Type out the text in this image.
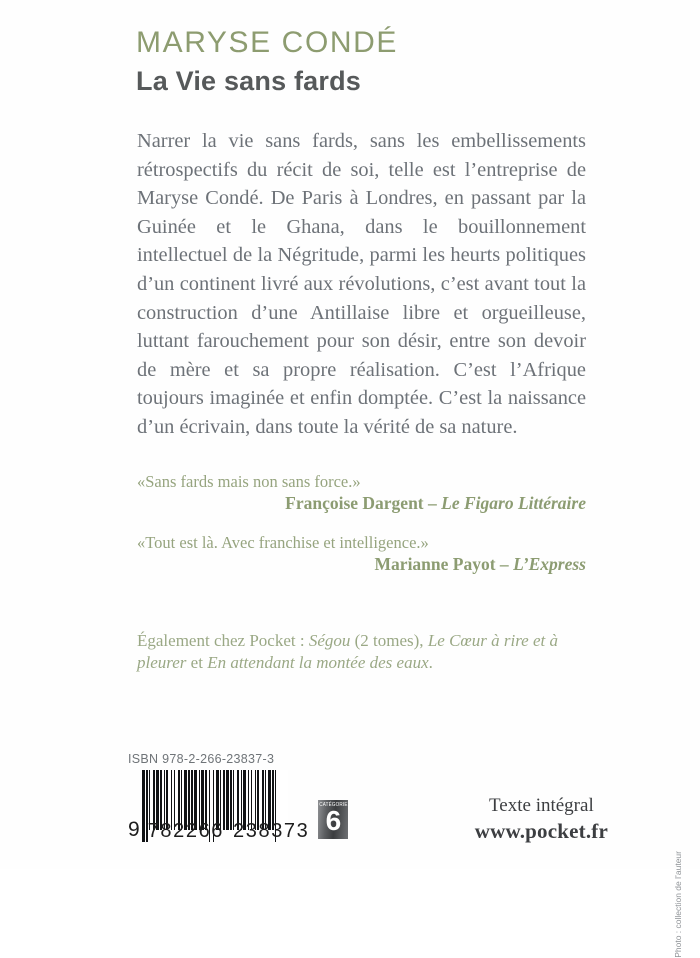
MARYSE CONDÉ
La Vie sans fards
Narrer la vie sans fards, sans les embellissements rétrospectifs du récit de soi, telle est l’entreprise de Maryse Condé. De Paris à Londres, en passant par la Guinée et le Ghana, dans le bouillonnement intellectuel de la Négritude, parmi les heurts politiques d’un continent livré aux révolutions, c’est avant tout la construction d’une Antillaise libre et orgueilleuse, luttant farouchement pour son désir, entre son devoir de mère et sa propre réalisation. C’est l’Afrique toujours imaginée et enfin domptée. C’est la naissance d’un écrivain, dans toute la vérité de sa nature.
«Sans fards mais non sans force.»
Françoise Dargent – Le Figaro Littéraire
«Tout est là. Avec franchise et intelligence.»
Marianne Payot – L’Express
Également chez Pocket : Ségou (2 tomes), Le Cœur à rire et à pleurer et En attendant la montée des eaux.
ISBN 978-2-266-23837-3
9 782266 238373
CATÉGORIE
6	Texte intégral
www.pocket.fr
Photo : collection de l’auteur
